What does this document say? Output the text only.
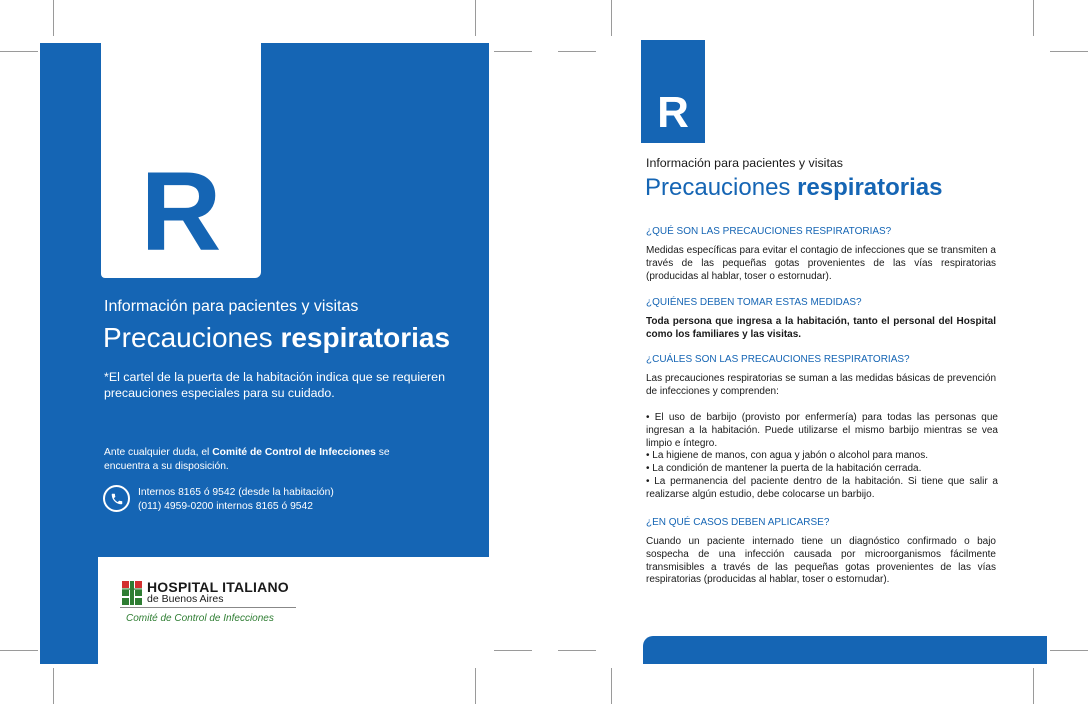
R
Información para pacientes y visitas
Precauciones respiratorias
*El cartel de la puerta de la habitación indica que se requieren
precauciones especiales para su cuidado.
Ante cualquier duda, el Comité de Control de Infecciones se
encuentra a su disposición.
Internos 8165 ó 9542 (desde la habitación)
(011) 4959-0200 internos 8165 ó 9542
HOSPITAL ITALIANO
de Buenos Aires
Comité de Control de Infecciones
R
Información para pacientes y visitas
Precauciones respiratorias
¿QUÉ SON LAS PRECAUCIONES RESPIRATORIAS?
Medidas específicas para evitar el contagio de infecciones que se transmiten a través de las pequeñas gotas provenientes de las vías respiratorias (producidas al hablar, toser o estornudar).
¿QUIÉNES DEBEN TOMAR ESTAS MEDIDAS?
Toda persona que ingresa a la habitación, tanto el personal del Hospital como los familiares y las visitas.
¿CUÁLES SON LAS PRECAUCIONES RESPIRATORIAS?
Las precauciones respiratorias se suman a las medidas básicas de prevención de infecciones y comprenden:
• El uso de barbijo (provisto por enfermería) para todas las personas que ingresan a la habitación. Puede utilizarse el mismo barbijo mientras se vea limpio e íntegro.
• La higiene de manos, con agua y jabón o alcohol para manos.
• La condición de mantener la puerta de la habitación cerrada.
• La permanencia del paciente dentro de la habitación. Si tiene que salir a realizarse algún estudio, debe colocarse un barbijo.
¿EN QUÉ CASOS DEBEN APLICARSE?
Cuando un paciente internado tiene un diagnóstico confirmado o bajo sospecha de una infección causada por microorganismos fácilmente transmisibles a través de las pequeñas gotas provenientes de las vías respiratorias (producidas al hablar, toser o estornudar).
